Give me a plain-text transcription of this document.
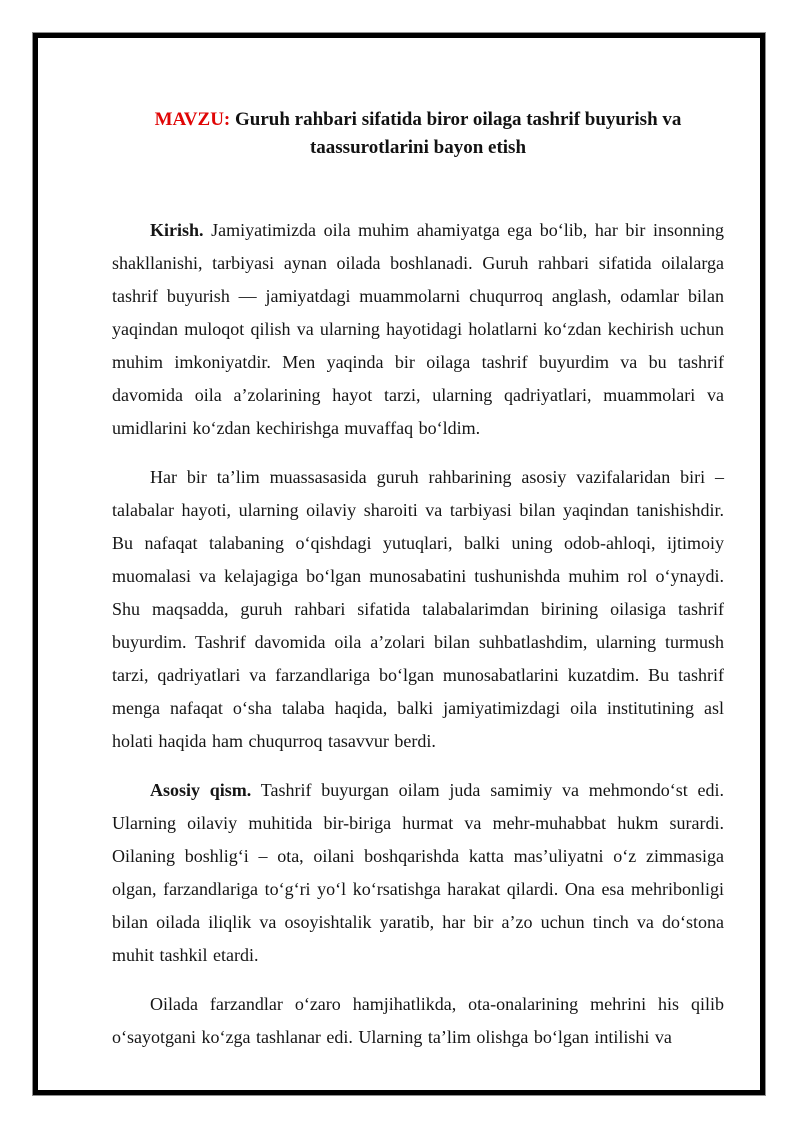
MAVZU: Guruh rahbari sifatida biror oilaga tashrif buyurish va taassurotlarini bayon etish

Kirish. Jamiyatimizda oila muhim ahamiyatga ega bo‘lib, har bir insonning shakllanishi, tarbiyasi aynan oilada boshlanadi. Guruh rahbari sifatida oilalarga tashrif buyurish — jamiyatdagi muammolarni chuqurroq anglash, odamlar bilan yaqindan muloqot qilish va ularning hayotidagi holatlarni ko‘zdan kechirish uchun muhim imkoniyatdir. Men yaqinda bir oilaga tashrif buyurdim va bu tashrif davomida oila a’zolarining hayot tarzi, ularning qadriyatlari, muammolari va umidlarini ko‘zdan kechirishga muvaffaq bo‘ldim.

Har bir ta’lim muassasasida guruh rahbarining asosiy vazifalaridan biri – talabalar hayoti, ularning oilaviy sharoiti va tarbiyasi bilan yaqindan tanishishdir. Bu nafaqat talabaning o‘qishdagi yutuqlari, balki uning odob-ahloqi, ijtimoiy muomalasi va kelajagiga bo‘lgan munosabatini tushunishda muhim rol o‘ynaydi. Shu maqsadda, guruh rahbari sifatida talabalarimdan birining oilasiga tashrif buyurdim. Tashrif davomida oila a’zolari bilan suhbatlashdim, ularning turmush tarzi, qadriyatlari va farzandlariga bo‘lgan munosabatlarini kuzatdim. Bu tashrif menga nafaqat o‘sha talaba haqida, balki jamiyatimizdagi oila institutining asl holati haqida ham chuqurroq tasavvur berdi.

Asosiy qism. Tashrif buyurgan oilam juda samimiy va mehmondo‘st edi. Ularning oilaviy muhitida bir-biriga hurmat va mehr-muhabbat hukm surardi. Oilaning boshlig‘i – ota, oilani boshqarishda katta mas’uliyatni o‘z zimmasiga olgan, farzandlariga to‘g‘ri yo‘l ko‘rsatishga harakat qilardi. Ona esa mehribonligi bilan oilada iliqlik va osoyishtalik yaratib, har bir a’zo uchun tinch va do‘stona muhit tashkil etardi.

Oilada farzandlar o‘zaro hamjihatlikda, ota-onalarining mehrini his qilib o‘sayotgani ko‘zga tashlanar edi. Ularning ta’lim olishga bo‘lgan intilishi va
